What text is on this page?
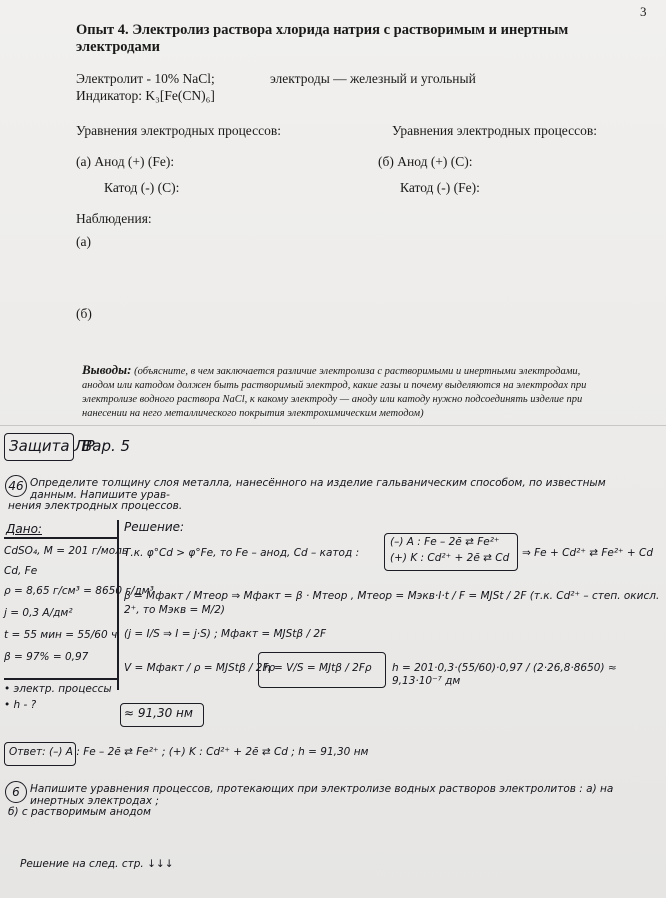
3
Опыт 4. Электролиз раствора хлорида натрия с растворимым и инертным электродами
Электролит - 10% NaCl;	электроды — железный и угольный
Индикатор: K₃[Fe(CN)₆]
Уравнения электродных процессов:	Уравнения электродных процессов:
(а) Анод (+) (Fe):	(б) Анод (+) (C):
Катод (-) (C):	Катод (-) (Fe):
Наблюдения:
(а)
(б)
Выводы: (объясните, в чем заключается различие электролиза с растворимыми и инертными электродами, анодом или катодом должен быть растворимый электрод, какие газы и почему выделяются на электродах при электролизе водного раствора NaCl, к какому электроду — аноду или катоду нужно подсоединять изделие при нанесении на него металлического покрытия электрохимическим методом)
Защита ЛР
Вар. 5
46 Определите толщину слоя металла, нанесённого на изделие гальваническим способом, по известным данным. Напишите урав-
нения электродных процессов.
Дано:
CdSO₄, M = 201 г/моль
Cd, Fe
ρ = 8,65 г/см³ = 8650 г/дм³
j = 0,3 А/дм²
t = 55 мин = 55/60 ч
β = 97% = 0,97
• электр. процессы
• h - ?
Решение:
Т.к. φ°Cd > φ°Fe, то Fe – анод, Cd – катод :
(–) A : Fe – 2ē ⇄ Fe²⁺
(+) K : Cd²⁺ + 2ē ⇄ Cd ⇒ Fe + Cd²⁺ ⇄ Fe²⁺ + Cd
β = Mфакт / Mтеор ⇒ Mфакт = β · Mтеор , Mтеор = Mэкв·I·t / F = MJSt / 2F (т.к. Cd²⁺ – степ. окисл. 2⁺, то Mэкв = M/2)
(j = I/S ⇒ I = j·S) ; Mфакт = MJStβ / 2F
V = Mфакт / ρ = MJStβ / 2Fρ
h = V/S = MJtβ / 2Fρ h = 201·0,3·(55/60)·0,97 / (2·26,8·8650) ≈ 9,13·10⁻⁷ дм
≈ 91,30 нм
Ответ: (–) A : Fe – 2ē ⇄ Fe²⁺ ; (+) K : Cd²⁺ + 2ē ⇄ Cd ; h = 91,30 нм
6 Напишите уравнения процессов, протекающих при электролизе водных растворов электролитов : а) на инертных электродах ;
б) с растворимым анодом
Решение на след. стр. ↓↓↓
